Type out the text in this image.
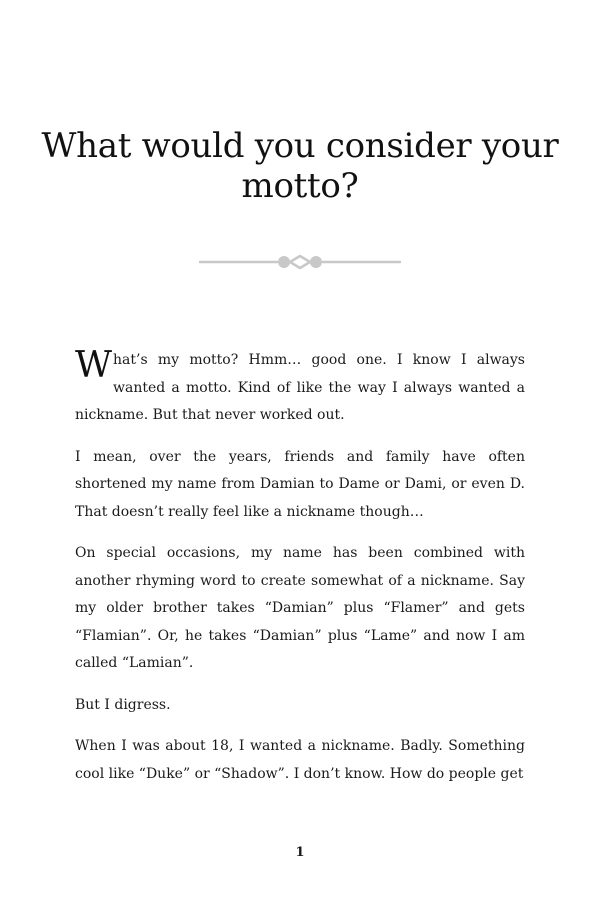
What would you consider your motto?

What’s my motto? Hmm… good one. I know I always wanted a motto. Kind of like the way I always wanted a nickname. But that never worked out.

I mean, over the years, friends and family have often shortened my name from Damian to Dame or Dami, or even D. That doesn’t really feel like a nickname though…

On special occasions, my name has been combined with another rhyming word to create somewhat of a nickname. Say my older brother takes “Damian” plus “Flamer” and gets “Flamian”. Or, he takes “Damian” plus “Lame” and now I am called “Lamian”.

But I digress.

When I was about 18, I wanted a nickname. Badly. Something cool like “Duke” or “Shadow”. I don’t know. How do people get

1
